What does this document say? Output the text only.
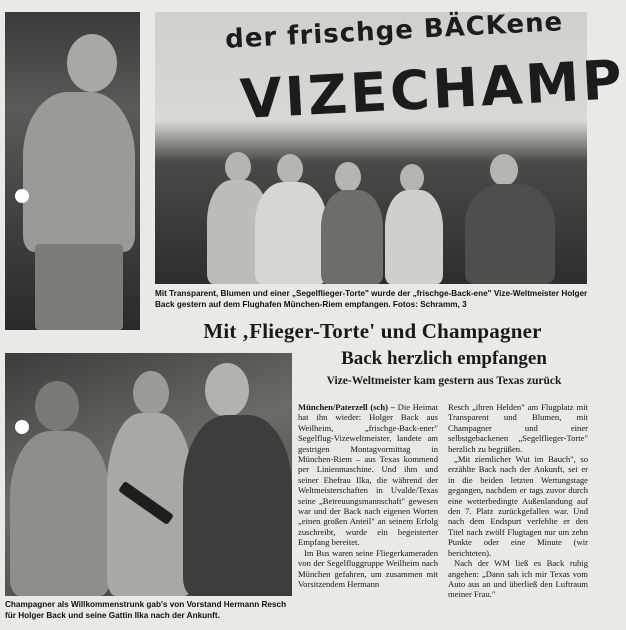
der frischge BÄCKene
VIZECHAMP
Mit Transparent, Blumen und einer „Segelflieger-Torte" wurde der „frischge-Back-ene" Vize-Weltmeister Holger Back gestern auf dem Flughafen München-Riem empfangen. Fotos: Schramm, 3
Mit ‚Flieger-Torte' und Champagner
Back herzlich empfangen
Vize-Weltmeister kam gestern aus Texas zurück
Champagner als Willkommenstrunk gab's von Vorstand Hermann Resch für Holger Back und seine Gattin Ilka nach der Ankunft.

München/Paterzell (sch) – Die Heimat hat ihn wieder: Holger Back aus Weilheim, „frischge-Back-ener" Segelflug-Vizeweltmeister, landete am gestrigen Montagvormittag in München-Riem – aus Texas kommend per Linienmaschine. Und ihm und seiner Ehefrau Ilka, die während der Weltmeisterschaften in Uvalde/Texas seine „Betreuungsmannschaft" gewesen war und der Back nach eigenen Worten „einen großen Anteil" an seinem Erfolg zuschreibt, wurde ein begeisterter Empfang bereitet.

Im Bus waren seine Fliegerkameraden von der Segelfluggruppe Weilheim nach München gefahren, um zusammen mit Vorsitzendem Hermann

Resch „ihren Helden" am Flugplatz mit Transparent und Blumen, mit Champagner und einer selbstgebackenen „Segelflieger-Torte" herzlich zu begrüßen.

„Mit ziemlicher Wut im Bauch", so erzählte Back nach der Ankunft, sei er in die beiden letzten Wertungstage gegangen, nachdem er tags zuvor durch eine wetterbedingte Außenlandung auf den 7. Platz zurückgefallen war. Und nach dem Endspurt verfehlte er den Titel nach zwölf Flugtagen nur um zehn Punkte oder eine Minute (wir berichteten).

Nach der WM ließ es Back ruhig angehen: „Dann sah ich mir Texas vom Auto aus an und überließ den Luftraum meiner Frau."
